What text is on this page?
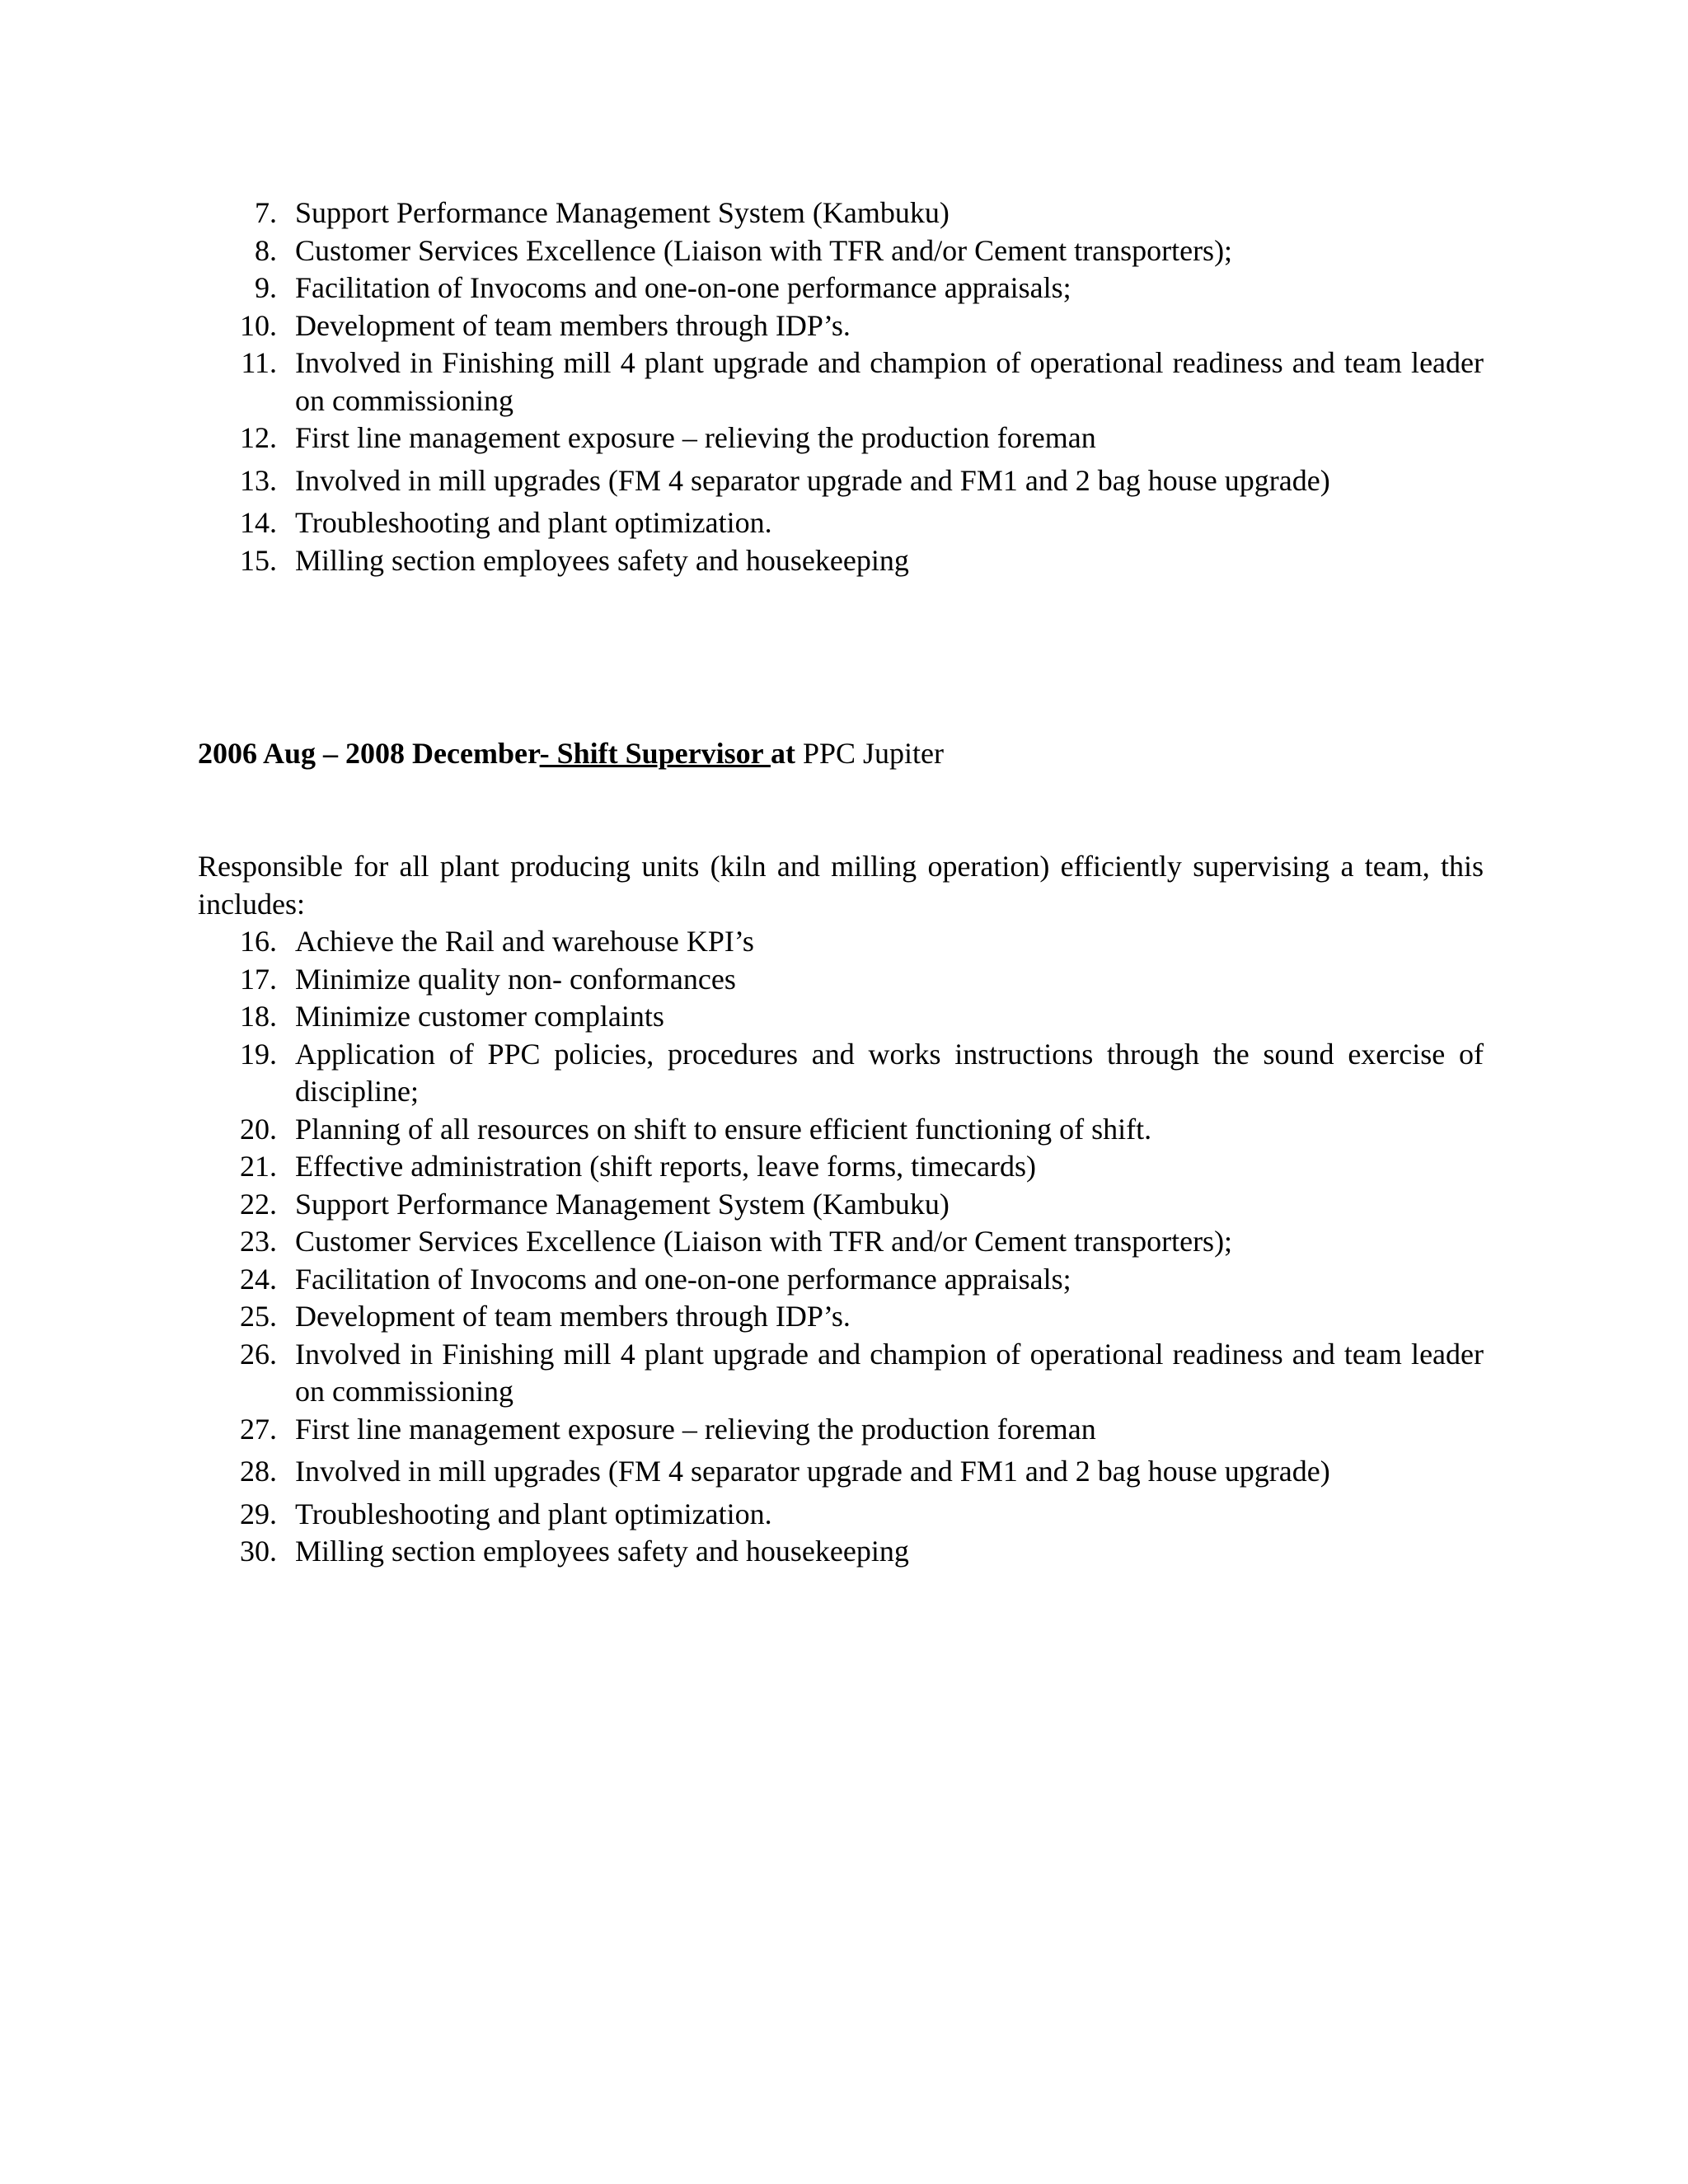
7. Support Performance Management System (Kambuku)
8. Customer Services Excellence (Liaison with TFR and/or Cement transporters);
9. Facilitation of Invocoms and one-on-one performance appraisals;
10. Development of team members through IDP’s.
11. Involved in Finishing mill 4 plant upgrade and champion of operational readiness and team leader on commissioning
12. First line management exposure – relieving the production foreman
13. Involved in mill upgrades (FM 4 separator upgrade and FM1 and 2 bag house upgrade)
14. Troubleshooting and plant optimization.
15. Milling section employees safety and housekeeping
2006 Aug – 2008 December- Shift Supervisor at PPC Jupiter

Responsible for all plant producing units (kiln and milling operation) efficiently supervising a team, this includes:

16. Achieve the Rail and warehouse KPI’s
17. Minimize quality non- conformances
18. Minimize customer complaints
19. Application of PPC policies, procedures and works instructions through the sound exercise of discipline;
20. Planning of all resources on shift to ensure efficient functioning of shift.
21. Effective administration (shift reports, leave forms, timecards)
22. Support Performance Management System (Kambuku)
23. Customer Services Excellence (Liaison with TFR and/or Cement transporters);
24. Facilitation of Invocoms and one-on-one performance appraisals;
25. Development of team members through IDP’s.
26. Involved in Finishing mill 4 plant upgrade and champion of operational readiness and team leader on commissioning
27. First line management exposure – relieving the production foreman
28. Involved in mill upgrades (FM 4 separator upgrade and FM1 and 2 bag house upgrade)
29. Troubleshooting and plant optimization.
30. Milling section employees safety and housekeeping
